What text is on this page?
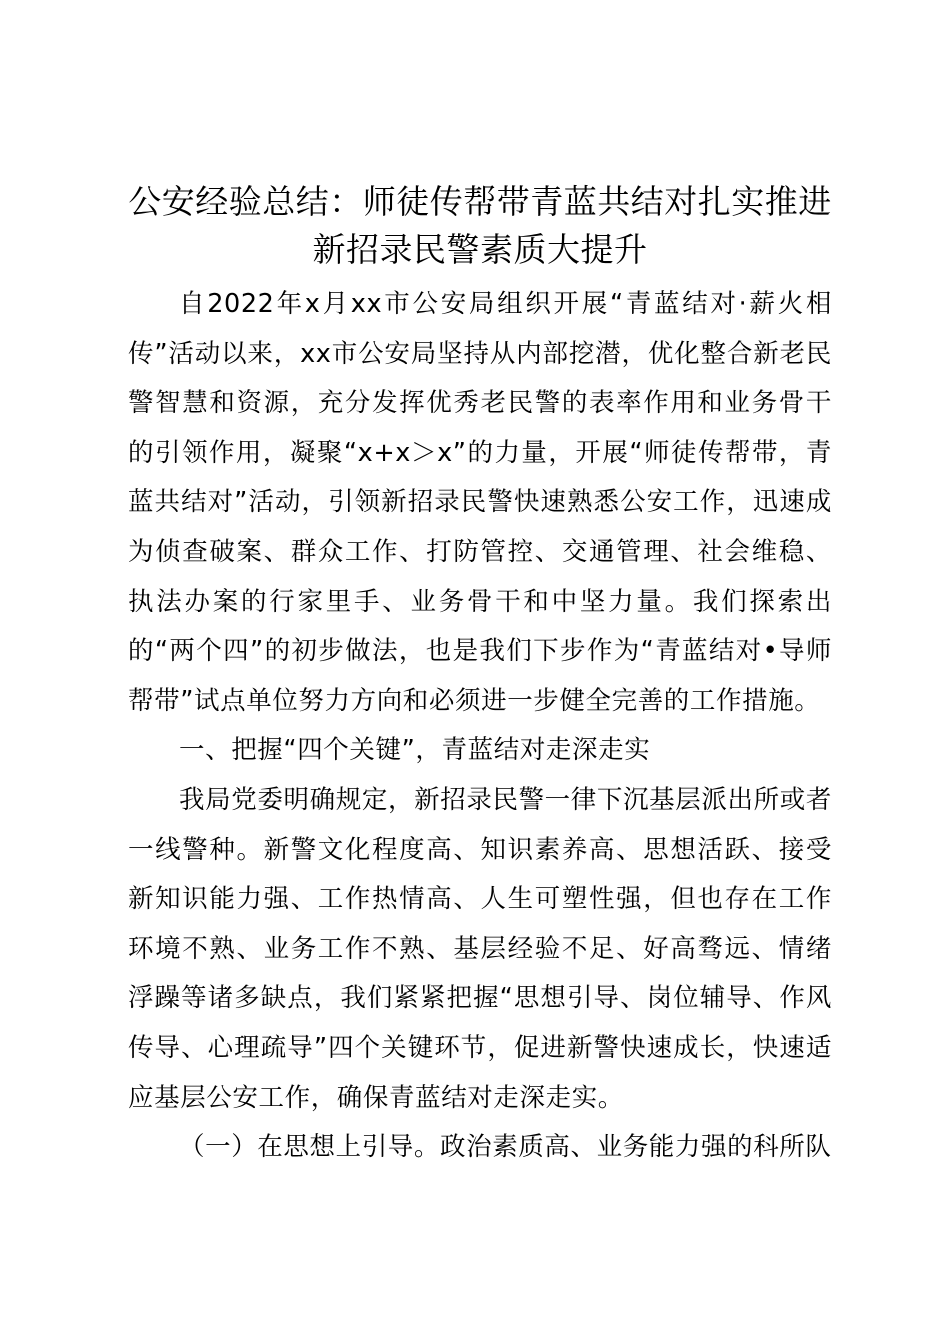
公安经验总结：师徒传帮带青蓝共结对扎实推进新招录民警素质大提升

自2022年x月xx市公安局组织开展“青蓝结对·薪火相传”活动以来，xx市公安局坚持从内部挖潜，优化整合新老民警智慧和资源，充分发挥优秀老民警的表率作用和业务骨干的引领作用，凝聚“x+x＞x”的力量，开展“师徒传帮带，青蓝共结对”活动，引领新招录民警快速熟悉公安工作，迅速成为侦查破案、群众工作、打防管控、交通管理、社会维稳、执法办案的行家里手、业务骨干和中坚力量。我们探索出的“两个四”的初步做法，也是我们下步作为“青蓝结对•导师帮带”试点单位努力方向和必须进一步健全完善的工作措施。

一、把握“四个关键”，青蓝结对走深走实

我局党委明确规定，新招录民警一律下沉基层派出所或者一线警种。新警文化程度高、知识素养高、思想活跃、接受新知识能力强、工作热情高、人生可塑性强，但也存在工作环境不熟、业务工作不熟、基层经验不足、好高骛远、情绪浮躁等诸多缺点，我们紧紧把握“思想引导、岗位辅导、作风传导、心理疏导”四个关键环节，促进新警快速成长，快速适应基层公安工作，确保青蓝结对走深走实。

（一）在思想上引导。政治素质高、业务能力强的科所队
